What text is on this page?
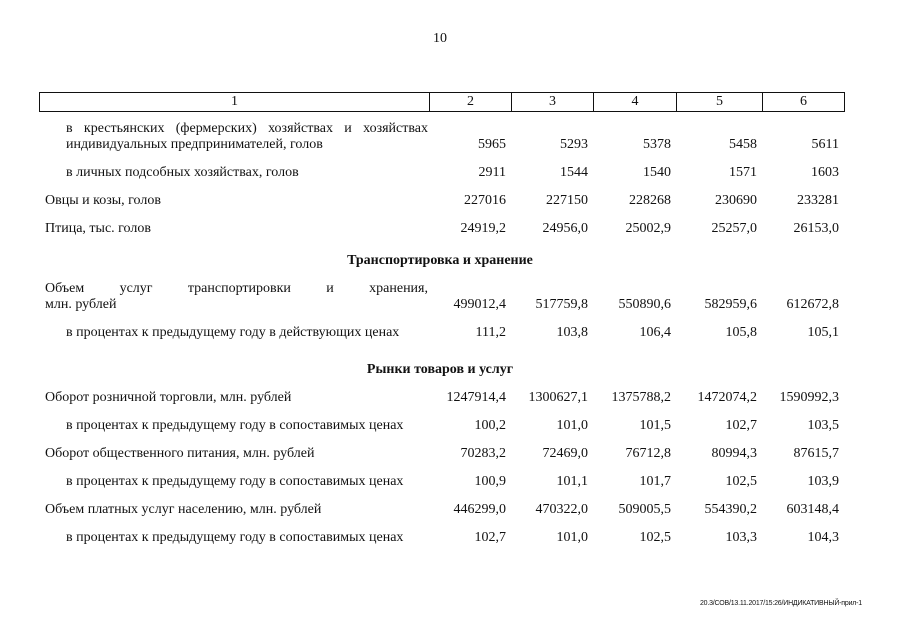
10
1	2	3	4	5	6
в крестьянских (фермерских) хозяйствах и хозяйствах
индивидуальных предпринимателей, голов	5965	5293	5378	5458	5611
в личных подсобных хозяйствах, голов	2911	1544	1540	1571	1603
Овцы и козы, голов	227016	227150	228268	230690	233281
Птица, тыс. голов	24919,2	24956,0	25002,9	25257,0	26153,0
Транспортировка и хранение
Объем услуг транспортировки и хранения,
млн. рублей	499012,4	517759,8	550890,6	582959,6	612672,8
в процентах к предыдущему году в действующих ценах	111,2	103,8	106,4	105,8	105,1
Рынки товаров и услуг
Оборот розничной торговли, млн. рублей	1247914,4	1300627,1	1375788,2	1472074,2	1590992,3
в процентах к предыдущему году в сопоставимых ценах	100,2	101,0	101,5	102,7	103,5
Оборот общественного питания, млн. рублей	70283,2	72469,0	76712,8	80994,3	87615,7
в процентах к предыдущему году в сопоставимых ценах	100,9	101,1	101,7	102,5	103,9
Объем платных услуг населению, млн. рублей	446299,0	470322,0	509005,5	554390,2	603148,4
в процентах к предыдущему году в сопоставимых ценах	102,7	101,0	102,5	103,3	104,3
20.3/СОВ/13.11.2017/15:26/ИНДИКАТИВНЫЙ-прил-1
